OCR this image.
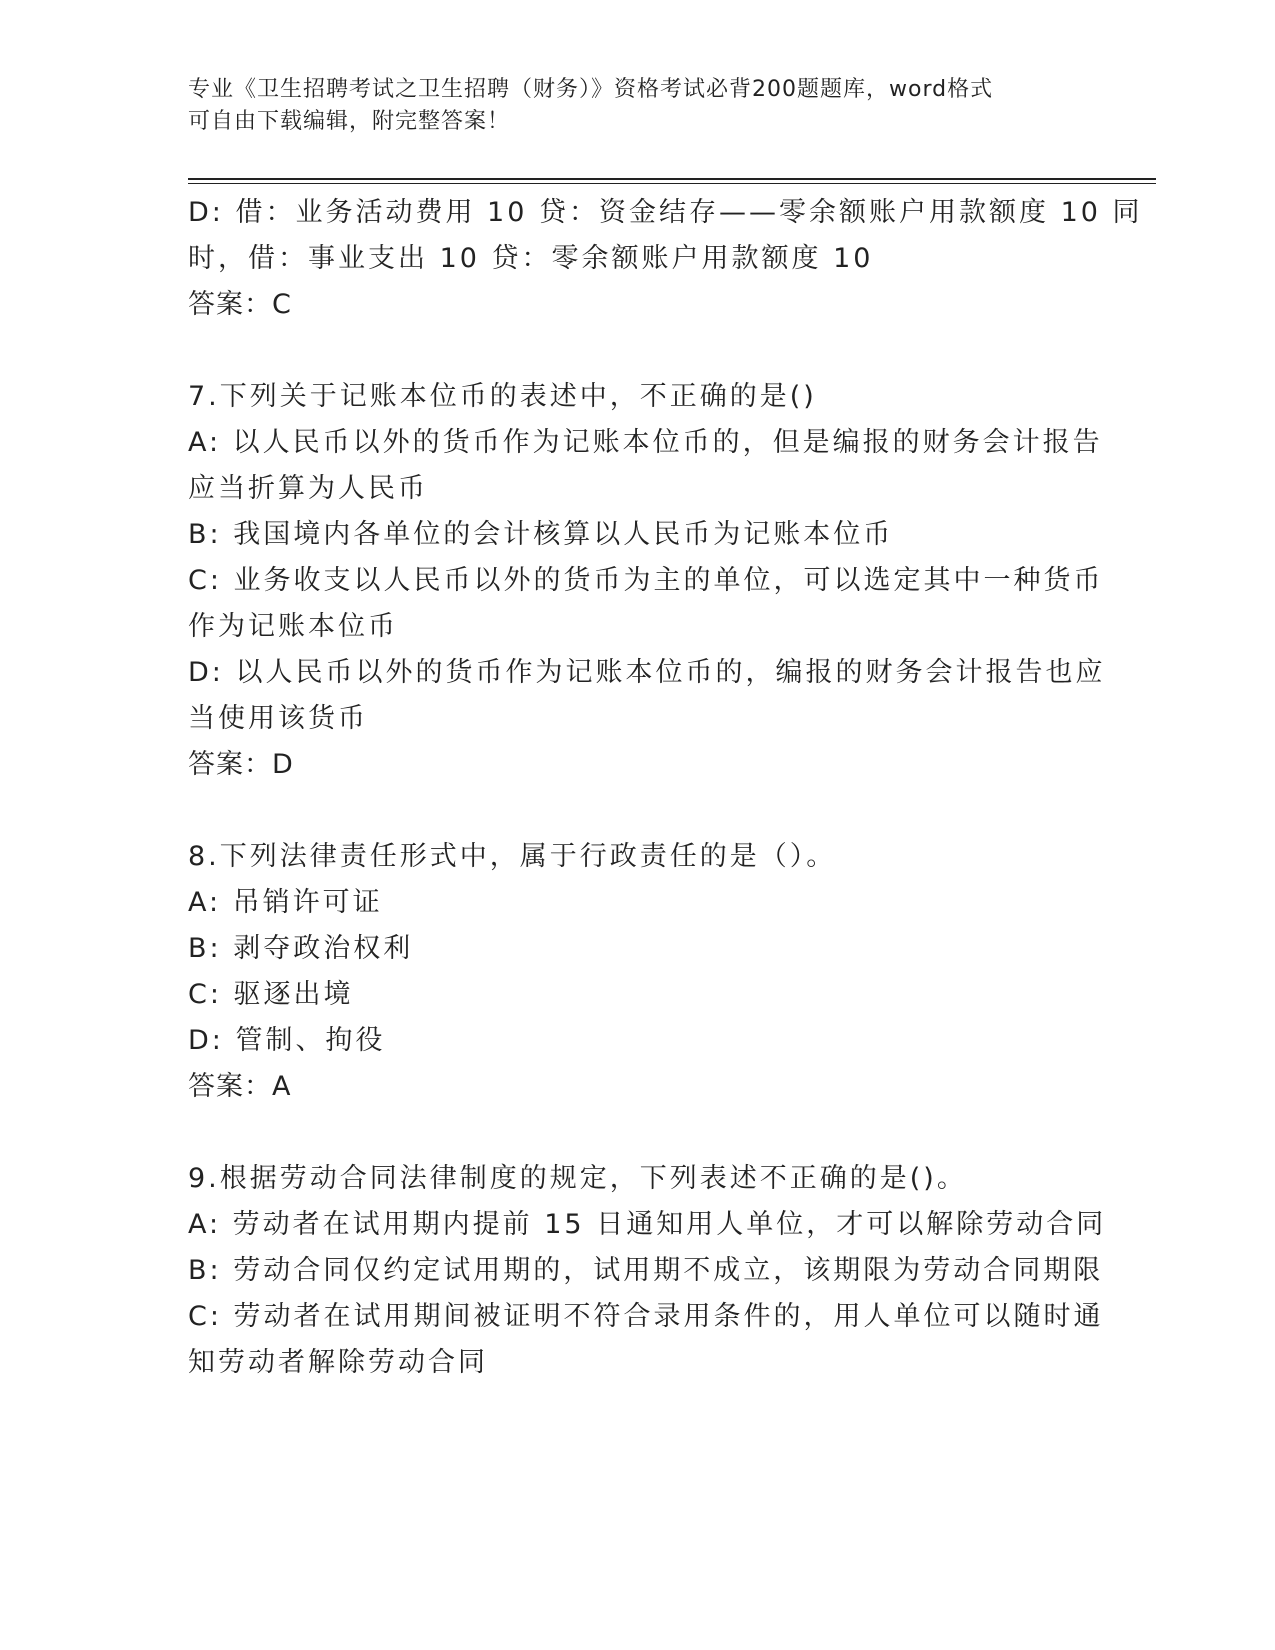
专业《卫生招聘考试之卫生招聘（财务）》资格考试必背200题题库，word格式
可自由下载编辑，附完整答案！

D: 借：业务活动费用 10 贷：资金结存——零余额账户用款额度 10 同

时，借：事业支出 10 贷：零余额账户用款额度 10

答案：C

7.下列关于记账本位币的表述中，不正确的是()

A: 以人民币以外的货币作为记账本位币的，但是编报的财务会计报告

应当折算为人民币

B: 我国境内各单位的会计核算以人民币为记账本位币

C: 业务收支以人民币以外的货币为主的单位，可以选定其中一种货币

作为记账本位币

D: 以人民币以外的货币作为记账本位币的，编报的财务会计报告也应

当使用该货币

答案：D

8.下列法律责任形式中，属于行政责任的是（）。

A: 吊销许可证

B: 剥夺政治权利

C: 驱逐出境

D: 管制、拘役

答案：A

9.根据劳动合同法律制度的规定，下列表述不正确的是()。

A: 劳动者在试用期内提前 15 日通知用人单位，才可以解除劳动合同

B: 劳动合同仅约定试用期的，试用期不成立，该期限为劳动合同期限

C: 劳动者在试用期间被证明不符合录用条件的，用人单位可以随时通

知劳动者解除劳动合同
